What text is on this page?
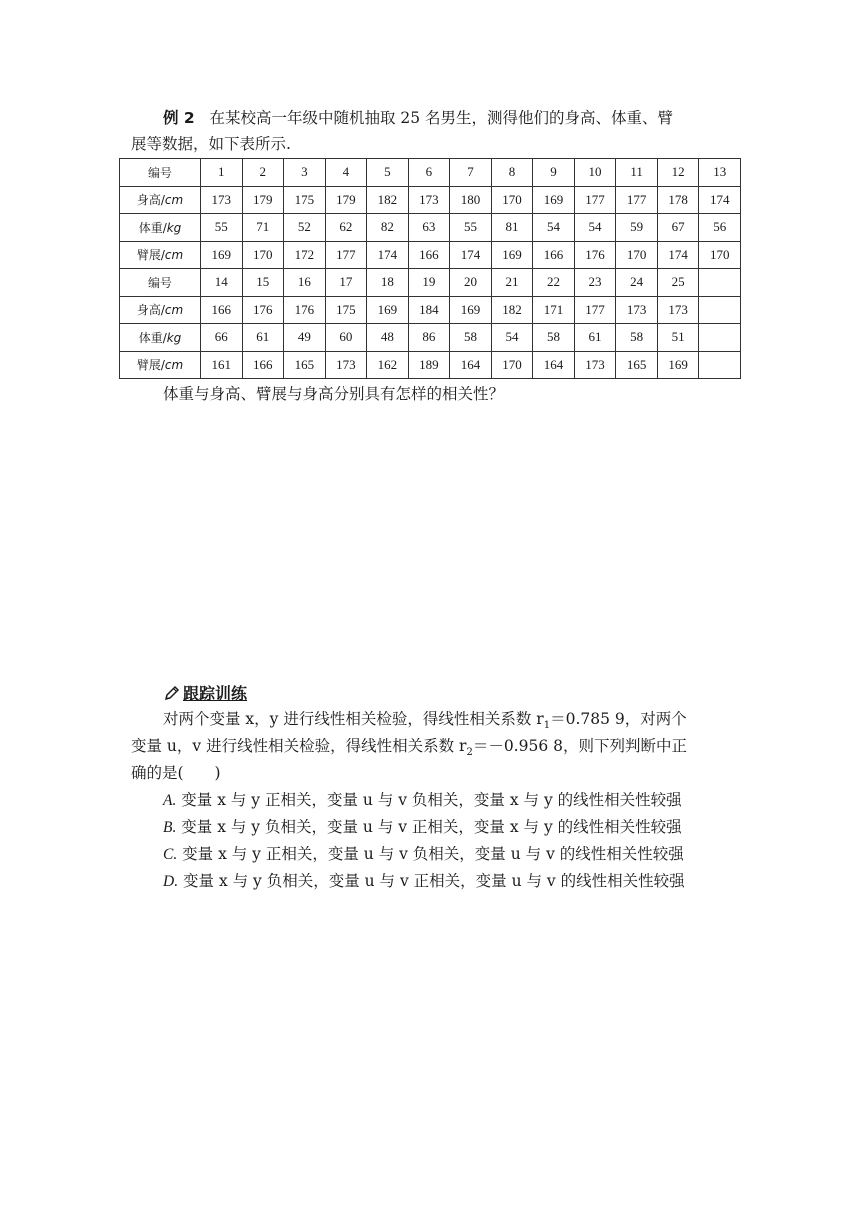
例 2 在某校高一年级中随机抽取 25 名男生，测得他们的身高、体重、臂

展等数据，如下表所示.

编号	1	2	3	4	5	6	7	8	9	10	11	12	13
身高/cm	173	179	175	179	182	173	180	170	169	177	177	178	174
体重/kg	55	71	52	62	82	63	55	81	54	54	59	67	56
臂展/cm	169	170	172	177	174	166	174	169	166	176	170	174	170
编号	14	15	16	17	18	19	20	21	22	23	24	25	
身高/cm	166	176	176	175	169	184	169	182	171	177	173	173	
体重/kg	66	61	49	60	48	86	58	54	58	61	58	51	
臂展/cm	161	166	165	173	162	189	164	170	164	173	165	169	

体重与身高、臂展与身高分别具有怎样的相关性？

跟踪训练

对两个变量 x，y 进行线性相关检验，得线性相关系数 $r_1=0.785$ 9，对两个

变量 u，v 进行线性相关检验，得线性相关系数 $r_2=-0.956$ 8，则下列判断中正

确的是(　　)

A. 变量 x 与 y 正相关，变量 u 与 v 负相关，变量 x 与 y 的线性相关性较强

B. 变量 x 与 y 负相关，变量 u 与 v 正相关，变量 x 与 y 的线性相关性较强

C. 变量 x 与 y 正相关，变量 u 与 v 负相关，变量 u 与 v 的线性相关性较强

D. 变量 x 与 y 负相关，变量 u 与 v 正相关，变量 u 与 v 的线性相关性较强
